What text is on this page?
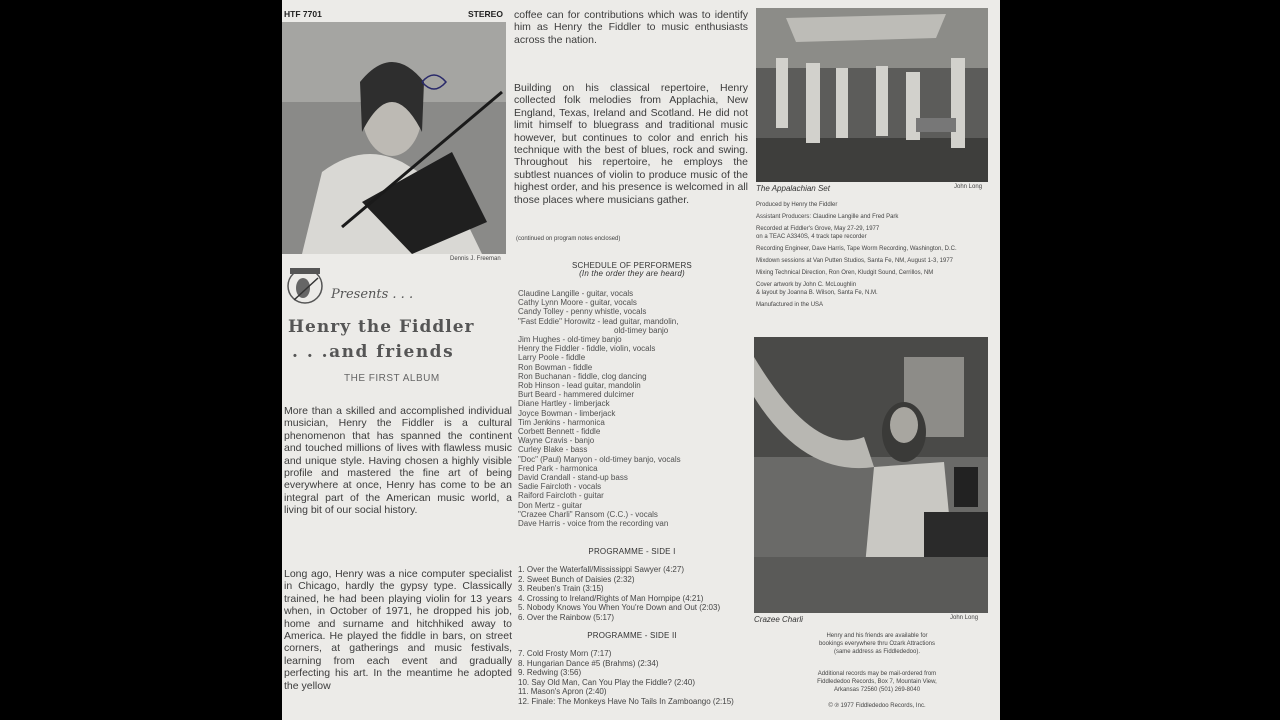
HTF 7701	STEREO
Dennis J. Freeman
Presents . . .
Henry the Fiddler
. . .and friends
THE FIRST ALBUM
More than a skilled and accomplished individual musician, Henry the Fiddler is a cultural phenomenon that has spanned the continent and touched millions of lives with flawless music and unique style. Having chosen a highly visible profile and mastered the fine art of being everywhere at once, Henry has come to be an integral part of the American music world, a living bit of our social history.
Long ago, Henry was a nice computer specialist in Chicago, hardly the gypsy type. Classically trained, he had been playing violin for 13 years when, in October of 1971, he dropped his job, home and surname and hitchhiked away to America. He played the fiddle in bars, on street corners, at gatherings and music festivals, learning from each event and gradually perfecting his art. In the meantime he adopted the yellow
coffee can for contributions which was to identify him as Henry the Fiddler to music enthusiasts across the nation.
Building on his classical repertoire, Henry collected folk melodies from Applachia, New England, Texas, Ireland and Scotland. He did not limit himself to bluegrass and traditional music however, but continues to color and enrich his technique with the best of blues, rock and swing. Throughout his repertoire, he employs the subtlest nuances of violin to produce music of the highest order, and his presence is welcomed in all those places where musicians gather.
(continued on program notes enclosed)
SCHEDULE OF PERFORMERS
(In the order they are heard)
Claudine Langille - guitar, vocals
Cathy Lynn Moore - guitar, vocals
Candy Tolley - penny whistle, vocals
"Fast Eddie" Horowitz - lead guitar, mandolin,
old-timey banjo
Jim Hughes - old-timey banjo
Henry the Fiddler - fiddle, violin, vocals
Larry Poole - fiddle
Ron Bowman - fiddle
Ron Buchanan - fiddle, clog dancing
Rob Hinson - lead guitar, mandolin
Burt Beard - hammered dulcimer
Diane Hartley - limberjack
Joyce Bowman - limberjack
Tim Jenkins - harmonica
Corbett Bennett - fiddle
Wayne Cravis - banjo
Curley Blake - bass
"Doc" (Paul) Manyon - old-timey banjo, vocals
Fred Park - harmonica
David Crandall - stand-up bass
Sadie Faircloth - vocals
Raiford Faircloth - guitar
Don Mertz - guitar
"Crazee Charli" Ransom (C.C.) - vocals
Dave Harris - voice from the recording van
PROGRAMME - SIDE I
1. Over the Waterfall/Mississippi Sawyer (4:27)
2. Sweet Bunch of Daisies (2:32)
3. Reuben's Train (3:15)
4. Crossing to Ireland/Rights of Man Hornpipe (4:21)
5. Nobody Knows You When You're Down and Out (2:03)
6. Over the Rainbow (5:17)
PROGRAMME - SIDE II
7. Cold Frosty Morn (7:17)
8. Hungarian Dance #5 (Brahms) (2:34)
9. Redwing (3:56)
10. Say Old Man, Can You Play the Fiddle? (2:40)
11. Mason's Apron (2:40)
12. Finale: The Monkeys Have No Tails In Zamboango (2:15)
The Appalachian Set	John Long
Produced by Henry the Fiddler
Assistant Producers: Claudine Langille and Fred Park
Recorded at Fiddler's Grove, May 27-29, 1977
on a TEAC A3340S, 4 track tape recorder
Recording Engineer, Dave Harris, Tape Worm Recording, Washington, D.C.
Mixdown sessions at Van Putten Studios, Santa Fe, NM, August 1-3, 1977
Mixing Technical Direction, Ron Oren, Kludgit Sound, Cerrillos, NM
Cover artwork by John C. McLoughlin
& layout by Joanna B. Wilson, Santa Fe, N.M.
Manufactured in the USA
Crazee Charli	John Long
Henry and his friends are available for
bookings everywhere thru Ozark Attractions
(same address as Fiddlededoo).
Additional records may be mail-ordered from
Fiddlededoo Records, Box 7, Mountain View,
Arkansas 72560 (501) 269-8040
© ℗ 1977 Fiddlededoo Records, Inc.
